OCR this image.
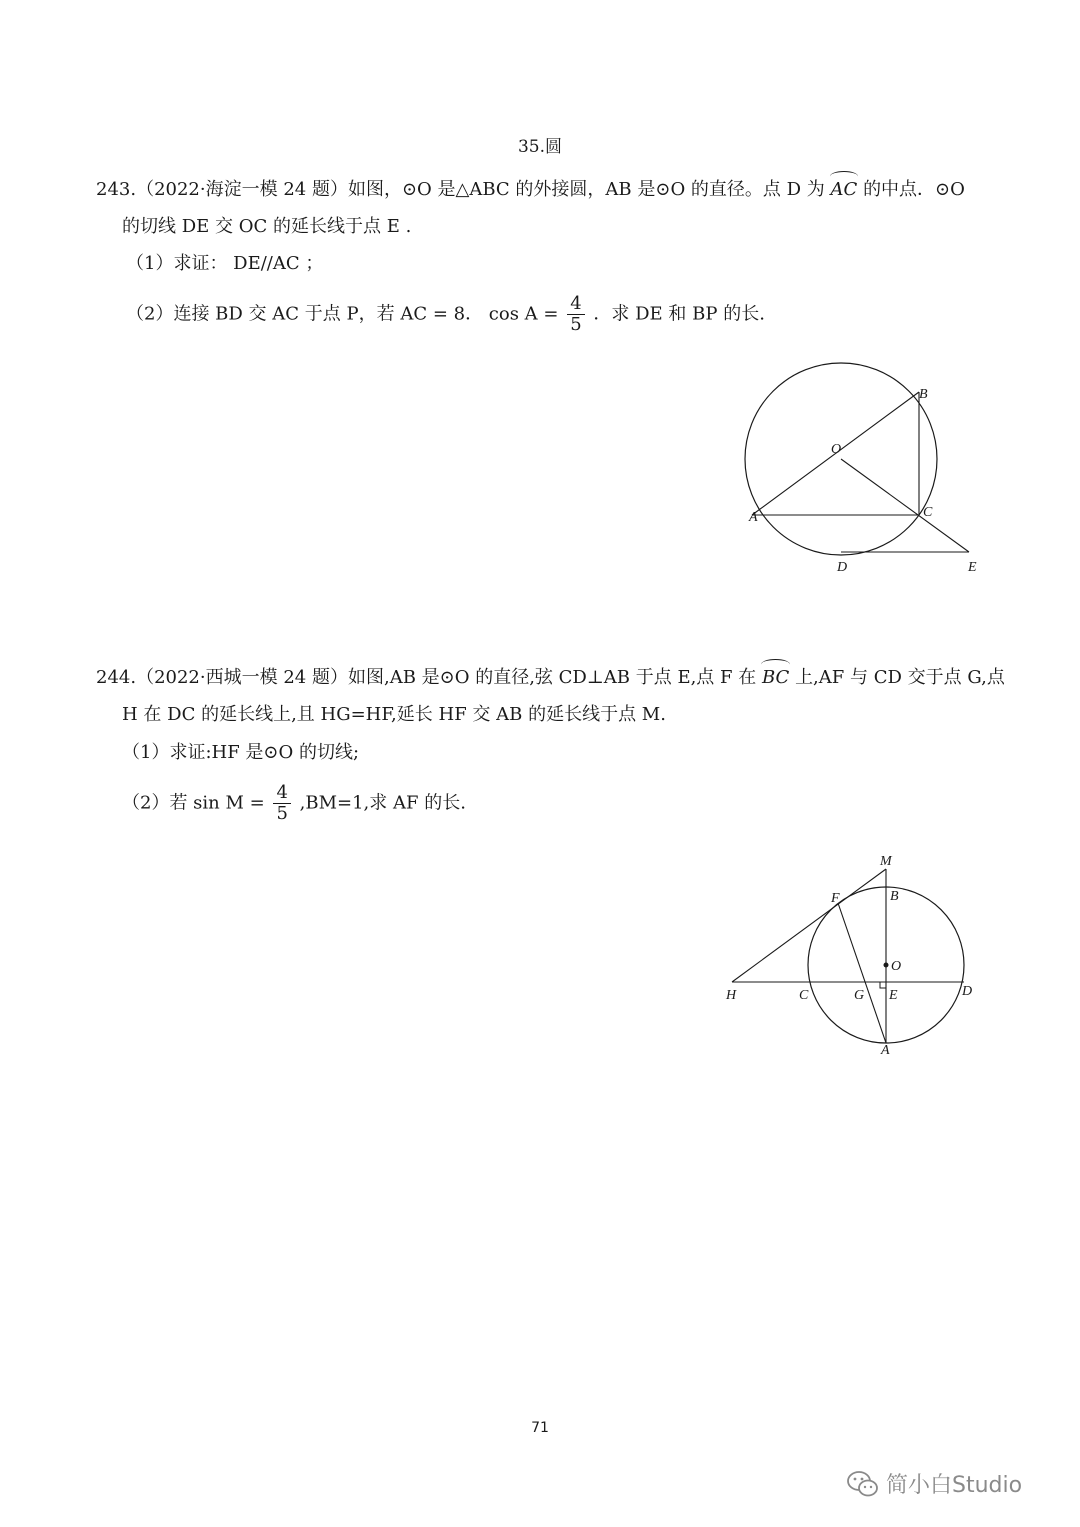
35.圆
243.（2022·海淀一模 24 题）如图，⊙O 是△ABC 的外接圆，AB 是⊙O 的直径。点 D 为 AC 的中点．⊙O
的切线 DE 交 OC 的延长线于点 E .
（1）求证： DE//AC ；
（2）连接 BD 交 AC 于点 P，若 AC = 8． $\cos A = \frac{4}{5}$ ．求 DE 和 BP 的长.
B
O
A	C
D	E
244.（2022·西城一模 24 题）如图,AB 是⊙O 的直径,弦 CD⊥AB 于点 E,点 F 在 BC 上,AF 与 CD 交于点 G,点
H 在 DC 的延长线上,且 HG=HF,延长 HF 交 AB 的延长线于点 M.
（1）求证:HF 是⊙O 的切线;
（2）若 $\sin M = \frac{4}{5} ,BM=1$,求 AF 的长.
M
F	B
O
H	C	G E	D
A
71
简小白Studio
